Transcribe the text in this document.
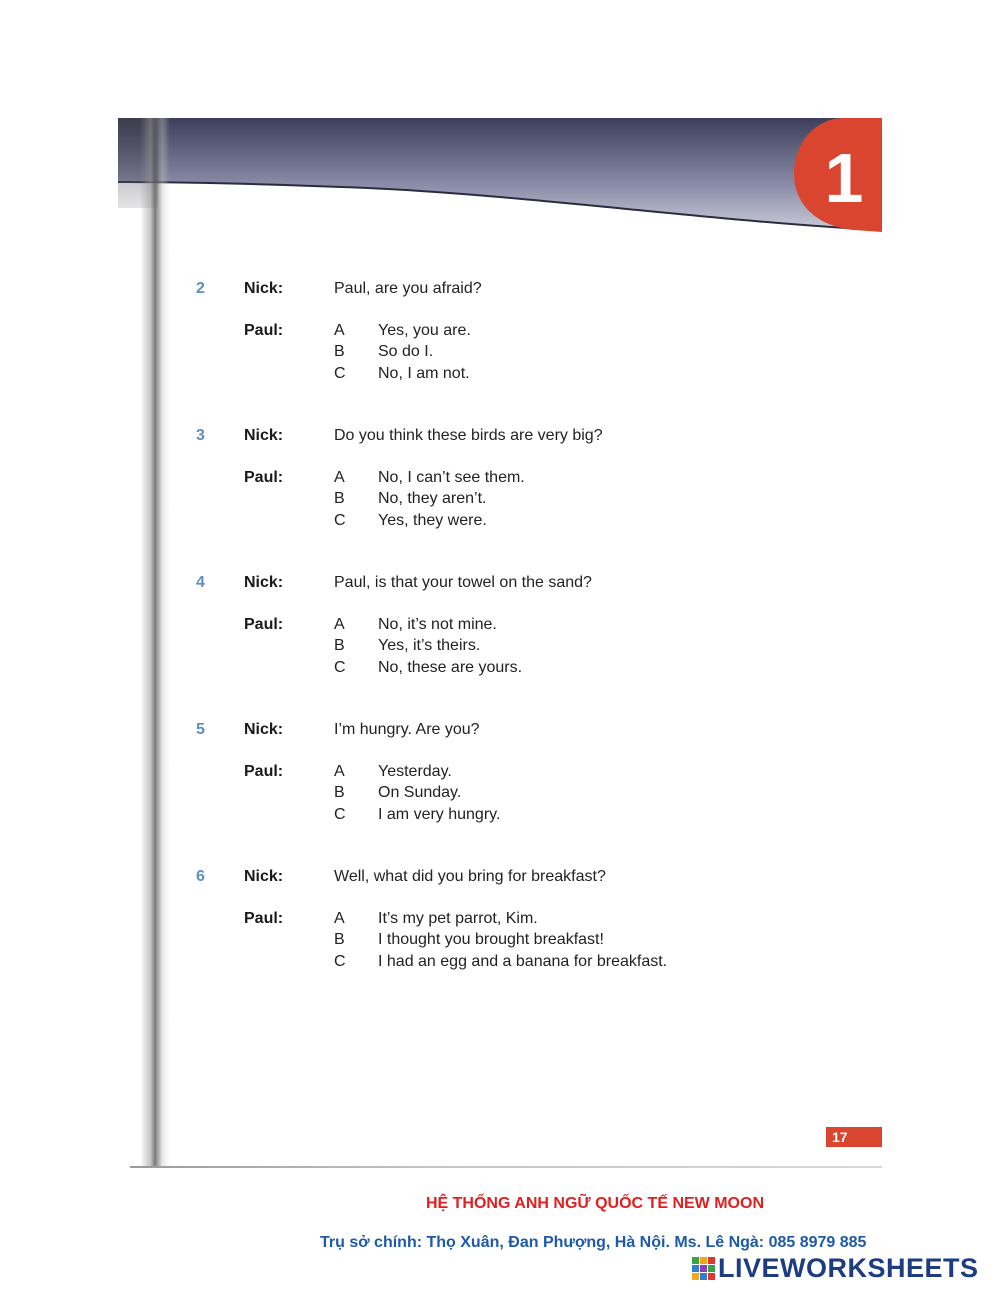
1
2 Nick:	Paul, are you afraid?
Paul:	A Yes, you are.
B So do I.
C No, I am not.
3 Nick:	Do you think these birds are very big?
Paul:	A No, I can’t see them.
B No, they aren’t.
C Yes, they were.
4 Nick:	Paul, is that your towel on the sand?
Paul:	A No, it’s not mine.
B Yes, it’s theirs.
C No, these are yours.
5 Nick:	I’m hungry. Are you?
Paul:	A Yesterday.
B On Sunday.
C I am very hungry.
6 Nick:	Well, what did you bring for breakfast?
Paul:	A It’s my pet parrot, Kim.
B I thought you brought breakfast!
C I had an egg and a banana for breakfast.
17
HỆ THỐNG ANH NGỮ QUỐC TẾ NEW MOON
Trụ sở chính: Thọ Xuân, Đan Phượng, Hà Nội. Ms. Lê Ngà: 085 8979 885
LIVEWORKSHEETS
